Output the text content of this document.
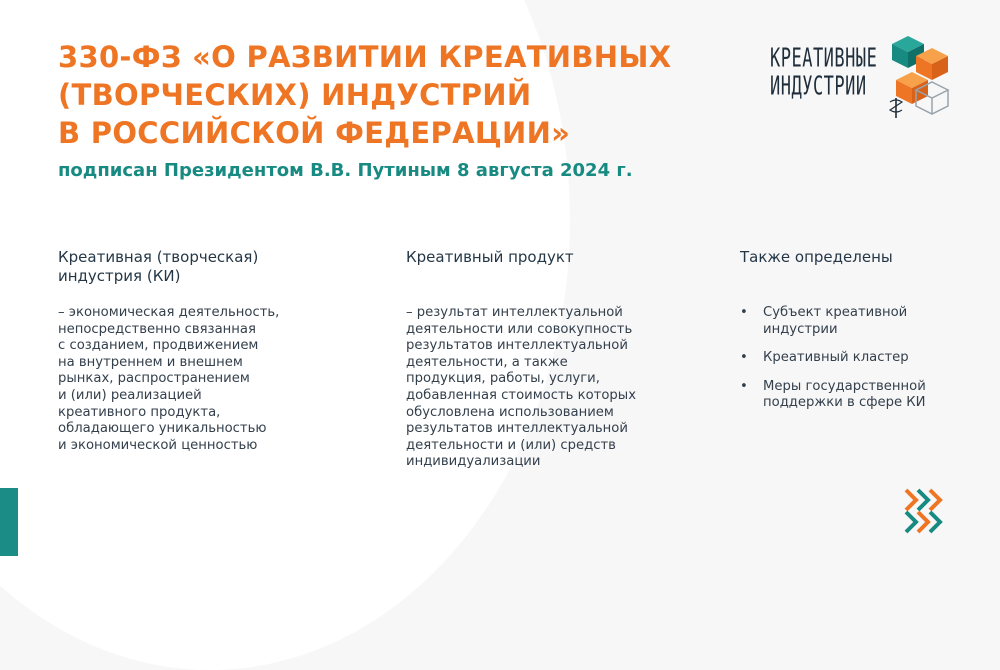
330-ФЗ «О РАЗВИТИИ КРЕАТИВНЫХ
(ТВОРЧЕСКИХ) ИНДУСТРИЙ
В РОССИЙСКОЙ ФЕДЕРАЦИИ»

подписан Президентом В.В. Путиным 8 августа 2024 г.

КРЕАТИВНЫЕ
ИНДУСТРИИ
Креативная (творческая)
индустрия (КИ)

– экономическая деятельность,
непосредственно связанная
с созданием, продвижением
на внутреннем и внешнем
рынках, распространением
и (или) реализацией
креативного продукта,
обладающего уникальностью
и экономической ценностью

Креативный продукт

– результат интеллектуальной
деятельности или совокупность
результатов интеллектуальной
деятельности, а также
продукция, работы, услуги,
добавленная стоимость которых
обусловлена использованием
результатов интеллектуальной
деятельности и (или) средств
индивидуализации

Также определены
• Субъект креативной
индустрии
• Креативный кластер
• Меры государственной
поддержки в сфере КИ
